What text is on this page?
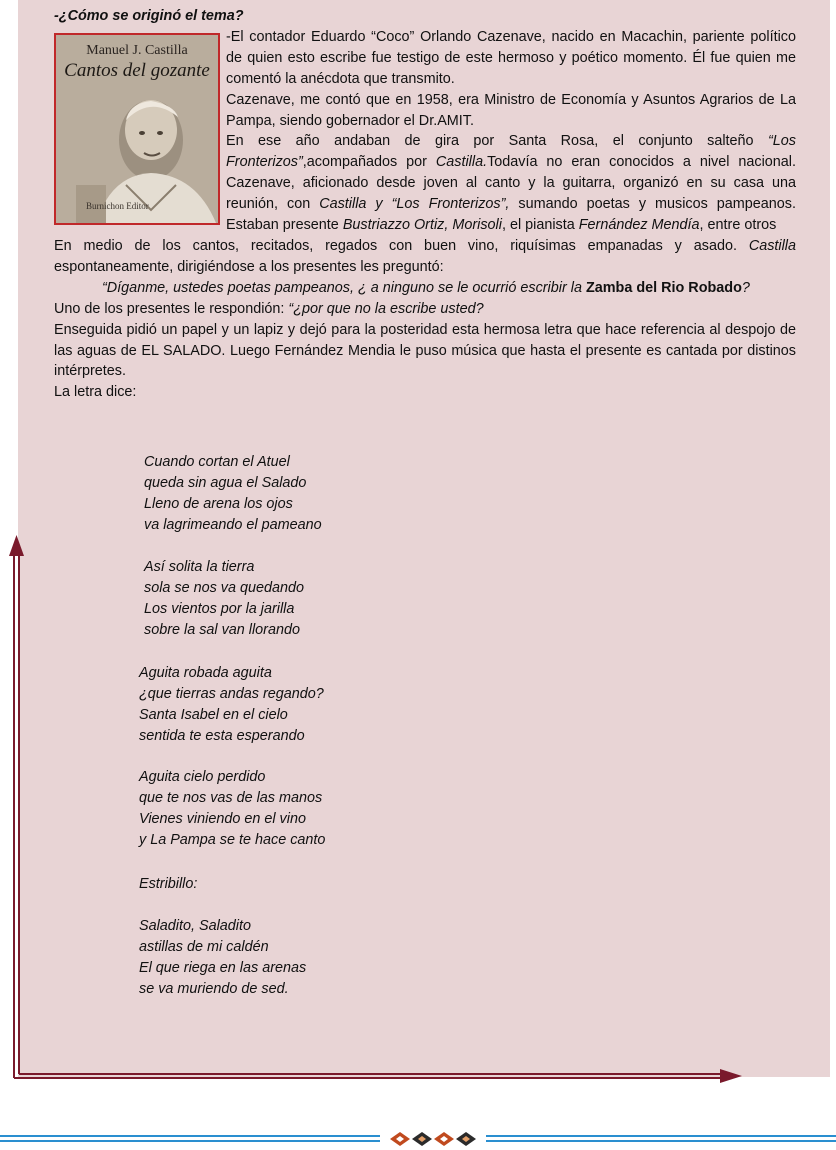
-¿Cómo se originó el tema?

Manuel J. Castilla
Cantos del gozante
Burnichon Editor

-El contador Eduardo “Coco” Orlando Cazenave, nacido en Macachin, pariente político de quien esto escribe fue testigo de este hermoso y poético momento. Él fue quien me comentó la anécdota que transmito.

Cazenave, me contó que en 1958, era Ministro de Economía y Asuntos Agrarios de La Pampa, siendo gobernador el Dr.AMIT.

En ese año andaban de gira por Santa Rosa, el conjunto salteño “Los Fronterizos”,acompañados por Castilla.Todavía no eran conocidos a nivel nacional. Cazenave, aficionado desde joven al canto y la guitarra, organizó en su casa una reunión, con Castilla y “Los Fronterizos”, sumando poetas y musicos pampeanos. Estaban presente Bustriazzo Ortiz, Morisoli, el pianista Fernández Mendía, entre otros

En medio de los cantos, recitados, regados con buen vino, riquísimas empanadas y asado. Castilla espontaneamente, dirigiéndose a los presentes les preguntó:

“Díganme, ustedes poetas pampeanos, ¿ a ninguno se le ocurrió escribir la Zamba del Rio Robado?

Uno de los presentes le respondión: “¿por que no la escribe usted?

Enseguida pidió un papel y un lapiz y dejó para la posteridad esta hermosa letra que hace referencia al despojo de las aguas de EL SALADO. Luego Fernández Mendia le puso música que hasta el presente es cantada por distinos intérpretes.

La letra dice:

Cuando cortan el Atuel
queda sin agua el Salado
Lleno de arena los ojos
va lagrimeando el pameano
Así solita la tierra
sola se nos va quedando
Los vientos por la jarilla
sobre la sal van llorando
Aguita robada aguita
¿que tierras andas regando?
Santa Isabel en el cielo
sentida te esta esperando
Aguita cielo perdido
que te nos vas de las manos
Vienes viniendo en el vino
y La Pampa se te hace canto
Estribillo:
Saladito, Saladito
astillas de mi caldén
El que riega en las arenas
se va muriendo de sed.
